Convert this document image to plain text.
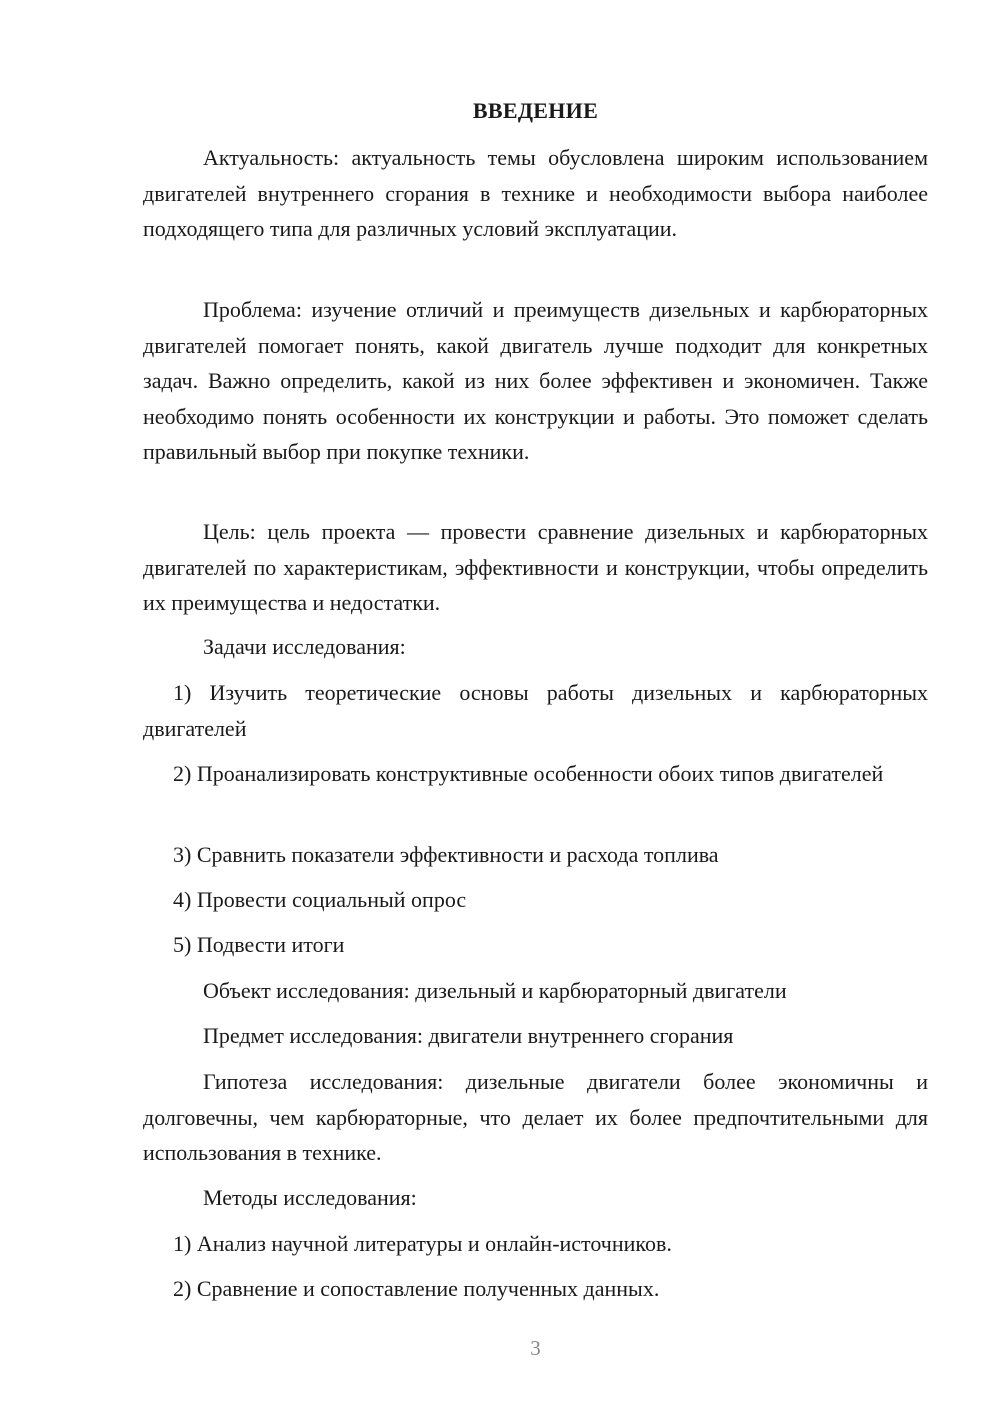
ВВЕДЕНИЕ

Актуальность: актуальность темы обусловлена широким использованием двигателей внутреннего сгорания в технике и необходимости выбора наиболее подходящего типа для различных условий эксплуатации.

Проблема: изучение отличий и преимуществ дизельных и карбюраторных двигателей помогает понять, какой двигатель лучше подходит для конкретных задач. Важно определить, какой из них более эффективен и экономичен. Также необходимо понять особенности их конструкции и работы. Это поможет сделать правильный выбор при покупке техники.

Цель: цель проекта — провести сравнение дизельных и карбюраторных двигателей по характеристикам, эффективности и конструкции, чтобы определить их преимущества и недостатки.

Задачи исследования:

1) Изучить теоретические основы работы дизельных и карбюраторных двигателей

2) Проанализировать конструктивные особенности обоих типов двигателей

3) Сравнить показатели эффективности и расхода топлива

4) Провести социальный опрос

5) Подвести итоги

Объект исследования: дизельный и карбюраторный двигатели

Предмет исследования: двигатели внутреннего сгорания

Гипотеза исследования: дизельные двигатели более экономичны и долговечны, чем карбюраторные, что делает их более предпочтительными для использования в технике.

Методы исследования:

1) Анализ научной литературы и онлайн-источников.

2) Сравнение и сопоставление полученных данных.

3
